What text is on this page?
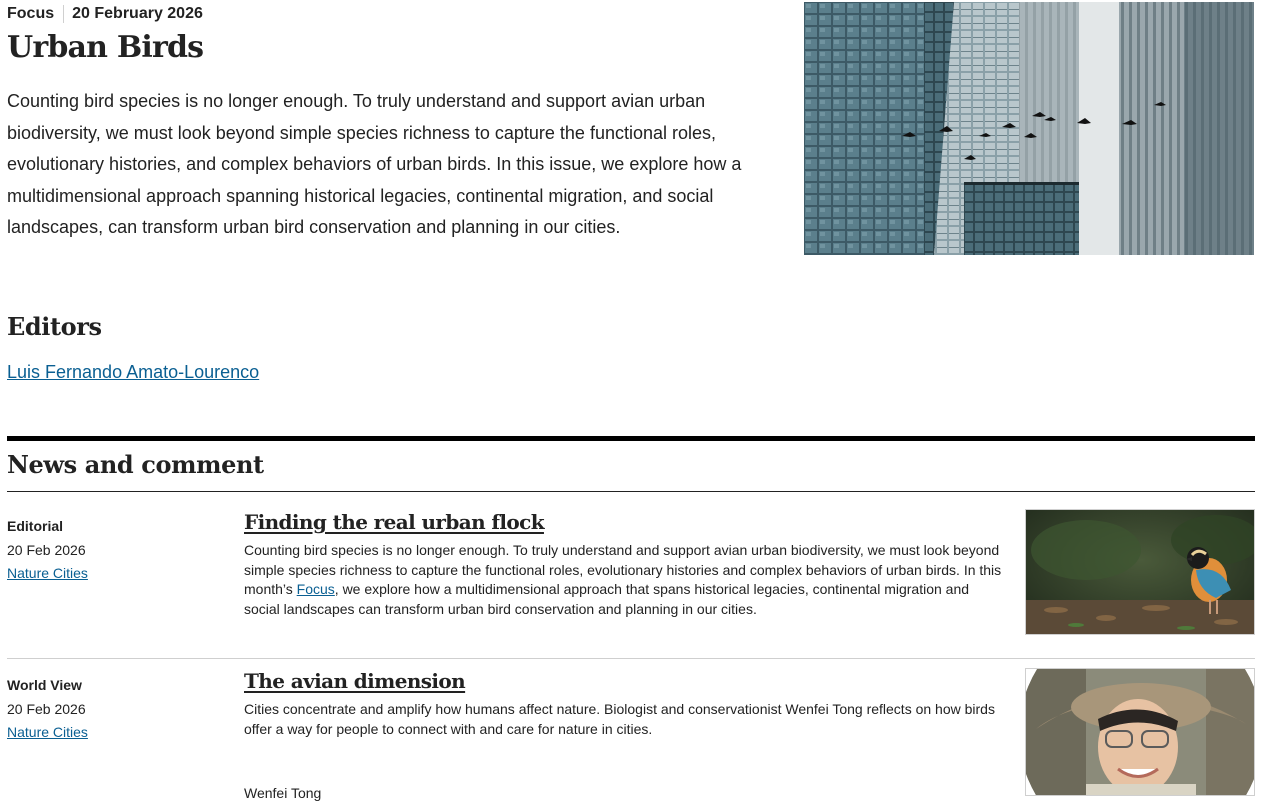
Focus	20 February 2026
Urban Birds

Counting bird species is no longer enough. To truly understand and support avian urban biodiversity, we must look beyond simple species richness to capture the functional roles, evolutionary histories, and complex behaviors of urban birds. In this issue, we explore how a multidimensional approach spanning historical legacies, continental migration, and social landscapes, can transform urban bird conservation and planning in our cities.

Editors
Luis Fernando Amato-Lourenco
News and comment
Editorial
20 Feb 2026
Nature Cities
Finding the real urban flock

Counting bird species is no longer enough. To truly understand and support avian urban biodiversity, we must look beyond simple species richness to capture the functional roles, evolutionary histories and complex behaviors of urban birds. In this month’s Focus, we explore how a multidimensional approach that spans historical legacies, continental migration and social landscapes can transform urban bird conservation and planning in our cities.

World View
20 Feb 2026
Nature Cities
The avian dimension

Cities concentrate and amplify how humans affect nature. Biologist and conservationist Wenfei Tong reflects on how birds offer a way for people to connect with and care for nature in cities.

Wenfei Tong
